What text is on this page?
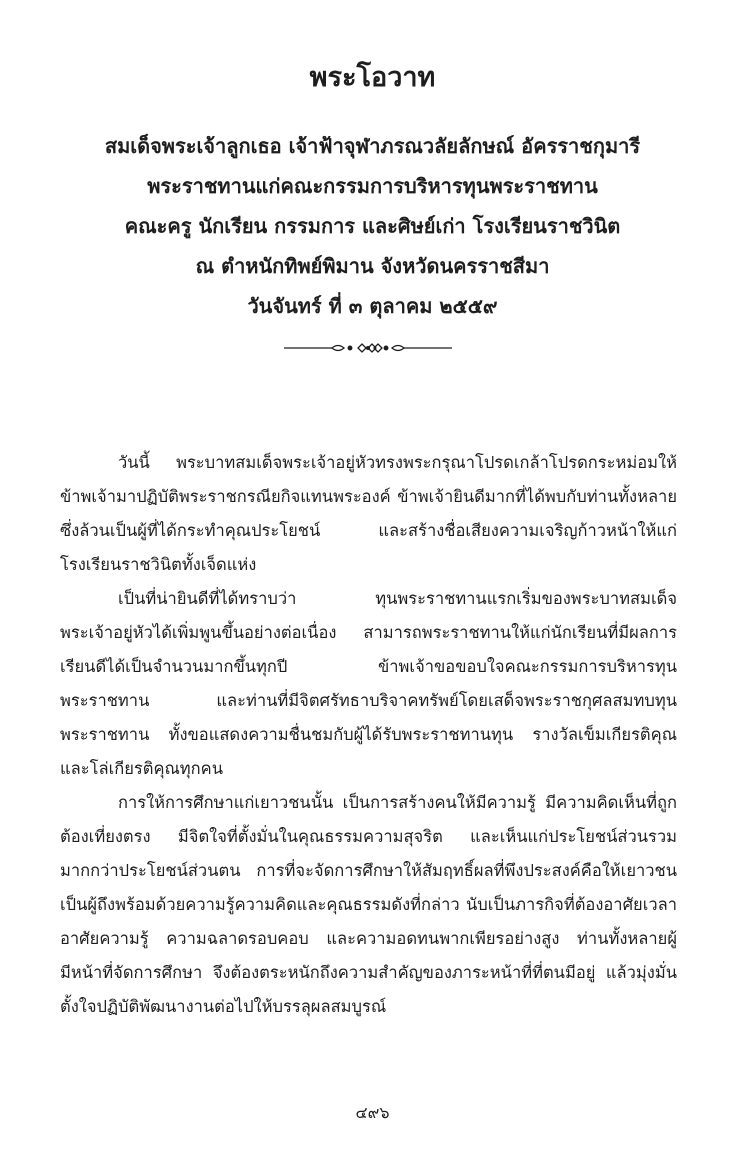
พระโอวาท
สมเด็จพระเจ้าลูกเธอ เจ้าฟ้าจุฬาภรณวลัยลักษณ์ อัครราชกุมารี
พระราชทานแก่คณะกรรมการบริหารทุนพระราชทาน
คณะครู นักเรียน กรรมการ และศิษย์เก่า โรงเรียนราชวินิต
ณ ตำหนักทิพย์พิมาน จังหวัดนครราชสีมา
วันจันทร์ ที่ ๓ ตุลาคม ๒๕๕๙

วันนี้ พระบาทสมเด็จพระเจ้าอยู่หัวทรงพระกรุณาโปรดเกล้าโปรดกระหม่อมให้ข้าพเจ้ามาปฏิบัติพระราชกรณียกิจแทนพระองค์ ข้าพเจ้ายินดีมากที่ได้พบกับท่านทั้งหลาย ซึ่งล้วนเป็นผู้ที่ได้กระทำคุณประโยชน์ และสร้างชื่อเสียงความเจริญก้าวหน้าให้แก่โรงเรียนราชวินิตทั้งเจ็ดแห่ง

เป็นที่น่ายินดีที่ได้ทราบว่า ทุนพระราชทานแรกเริ่มของพระบาทสมเด็จพระเจ้าอยู่หัวได้เพิ่มพูนขึ้นอย่างต่อเนื่อง สามารถพระราชทานให้แก่นักเรียนที่มีผลการเรียนดีได้เป็นจำนวนมากขึ้นทุกปี ข้าพเจ้าขอขอบใจคณะกรรมการบริหารทุนพระราชทาน และท่านที่มีจิตศรัทธาบริจาคทรัพย์โดยเสด็จพระราชกุศลสมทบทุนพระราชทาน ทั้งขอแสดงความชื่นชมกับผู้ได้รับพระราชทานทุน รางวัลเข็มเกียรติคุณ และโล่เกียรติคุณทุกคน

การให้การศึกษาแก่เยาวชนนั้น เป็นการสร้างคนให้มีความรู้ มีความคิดเห็นที่ถูกต้องเที่ยงตรง มีจิตใจที่ตั้งมั่นในคุณธรรมความสุจริต และเห็นแก่ประโยชน์ส่วนรวมมากกว่าประโยชน์ส่วนตน การที่จะจัดการศึกษาให้สัมฤทธิ์ผลที่พึงประสงค์คือให้เยาวชนเป็นผู้ถึงพร้อมด้วยความรู้ความคิดและคุณธรรมดังที่กล่าว นับเป็นภารกิจที่ต้องอาศัยเวลา อาศัยความรู้ ความฉลาดรอบคอบ และความอดทนพากเพียรอย่างสูง ท่านทั้งหลายผู้มีหน้าที่จัดการศึกษา จึงต้องตระหนักถึงความสำคัญของภาระหน้าที่ที่ตนมีอยู่ แล้วมุ่งมั่นตั้งใจปฏิบัติพัฒนางานต่อไปให้บรรลุผลสมบูรณ์

๔๙๖
